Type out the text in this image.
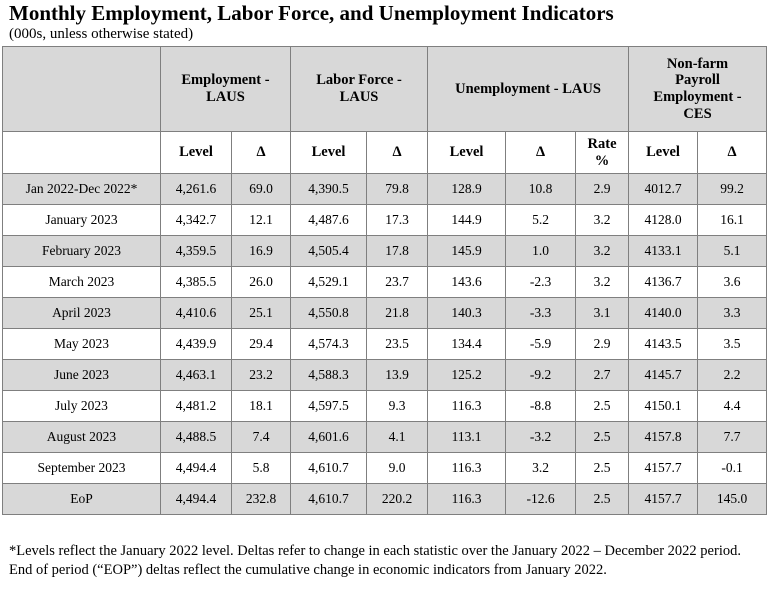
Monthly Employment, Labor Force, and Unemployment Indicators
(000s, unless otherwise stated)
	Employment - LAUS		Labor Force - LAUS		Unemployment - LAUS			Non-farm Payroll Employment - CES	
	Level	Δ	Level	Δ	Level	Δ	Rate %	Level	Δ
Jan 2022-Dec 2022*	4,261.6	69.0	4,390.5	79.8	128.9	10.8	2.9	4012.7	99.2
January 2023	4,342.7	12.1	4,487.6	17.3	144.9	5.2	3.2	4128.0	16.1
February 2023	4,359.5	16.9	4,505.4	17.8	145.9	1.0	3.2	4133.1	5.1
March 2023	4,385.5	26.0	4,529.1	23.7	143.6	-2.3	3.2	4136.7	3.6
April 2023	4,410.6	25.1	4,550.8	21.8	140.3	-3.3	3.1	4140.0	3.3
May 2023	4,439.9	29.4	4,574.3	23.5	134.4	-5.9	2.9	4143.5	3.5
June 2023	4,463.1	23.2	4,588.3	13.9	125.2	-9.2	2.7	4145.7	2.2
July 2023	4,481.2	18.1	4,597.5	9.3	116.3	-8.8	2.5	4150.1	4.4
August 2023	4,488.5	7.4	4,601.6	4.1	113.1	-3.2	2.5	4157.8	7.7
September 2023	4,494.4	5.8	4,610.7	9.0	116.3	3.2	2.5	4157.7	-0.1
EoP	4,494.4	232.8	4,610.7	220.2	116.3	-12.6	2.5	4157.7	145.0
*Levels reflect the January 2022 level. Deltas refer to change in each statistic over the January 2022 – December 2022 period. End of period (“EOP”) deltas reflect the cumulative change in economic indicators from January 2022.
